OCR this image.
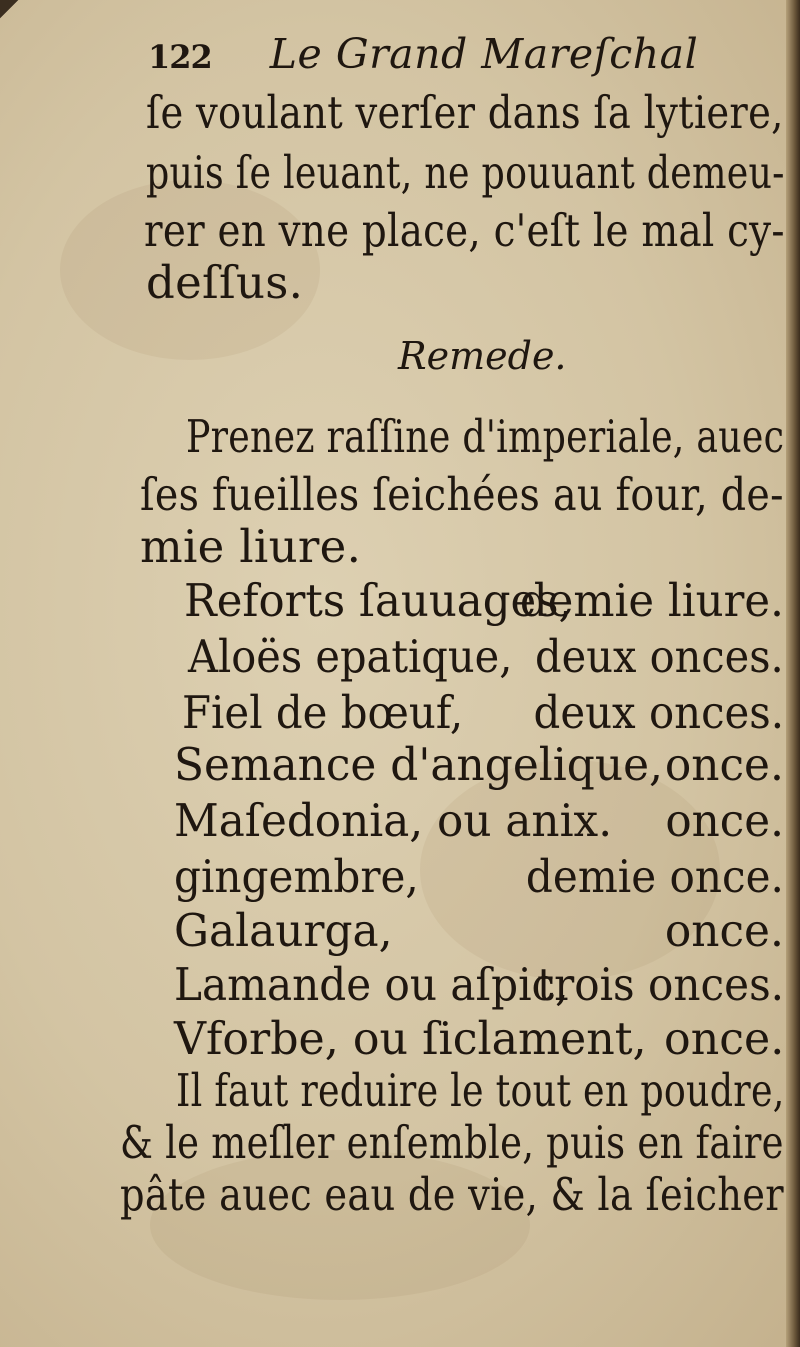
122 Le Grand Mareſchal
ſe voulant verſer dans ſa lytiere,
puis ſe leuant, ne pouuant demeu-
rer en vne place, c'eſt le mal cy-
deſſus.
Remede.
Prenez raſſine d'imperiale, auec
ſes fueilles ſeichées au four, de-
mie liure.
Reforts ſauuages,
demie liure.
Aloës epatique, deux onces.
Fiel de bœuf, deux onces.
Semance d'angelique, once.
Maſedonia, ou anix. once.
gingembre, demie once.
Galaurga,	once.
Lamande ou aſpic,
trois onces.
Vforbe, ou ſiclament, once.
Il faut reduire le tout en poudre,
& le meſler enſemble, puis en faire
pâte auec eau de vie, & la ſeicher
